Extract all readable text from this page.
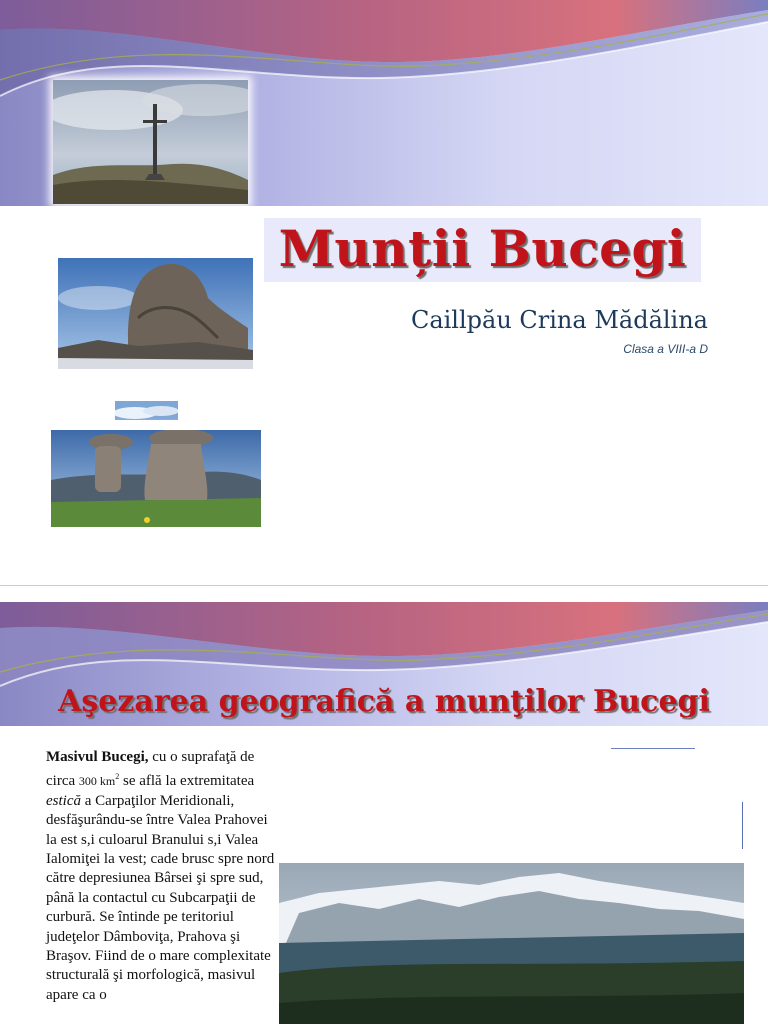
Munții Bucegi
Caillpău Crina Mădălina
Clasa a VIII-a D
Aşezarea geografică a munţilor Bucegi
Masivul Bucegi, cu o suprafaţă de circa 300 $km^2$ se află la extremitatea estică a Carpaţilor Meridionali, desfăşurându-se între Valea Prahovei la est s,i culoarul Branului s,i Valea Ialomiţei la vest; cade brusc spre nord către depresiunea Bârsei şi spre sud, până la contactul cu Subcarpaţii de curbură. Se întinde pe teritoriul judeţelor Dâmboviţa, Prahova şi Braşov. Fiind de o mare complexitate structurală şi morfologică, masivul apare ca o
